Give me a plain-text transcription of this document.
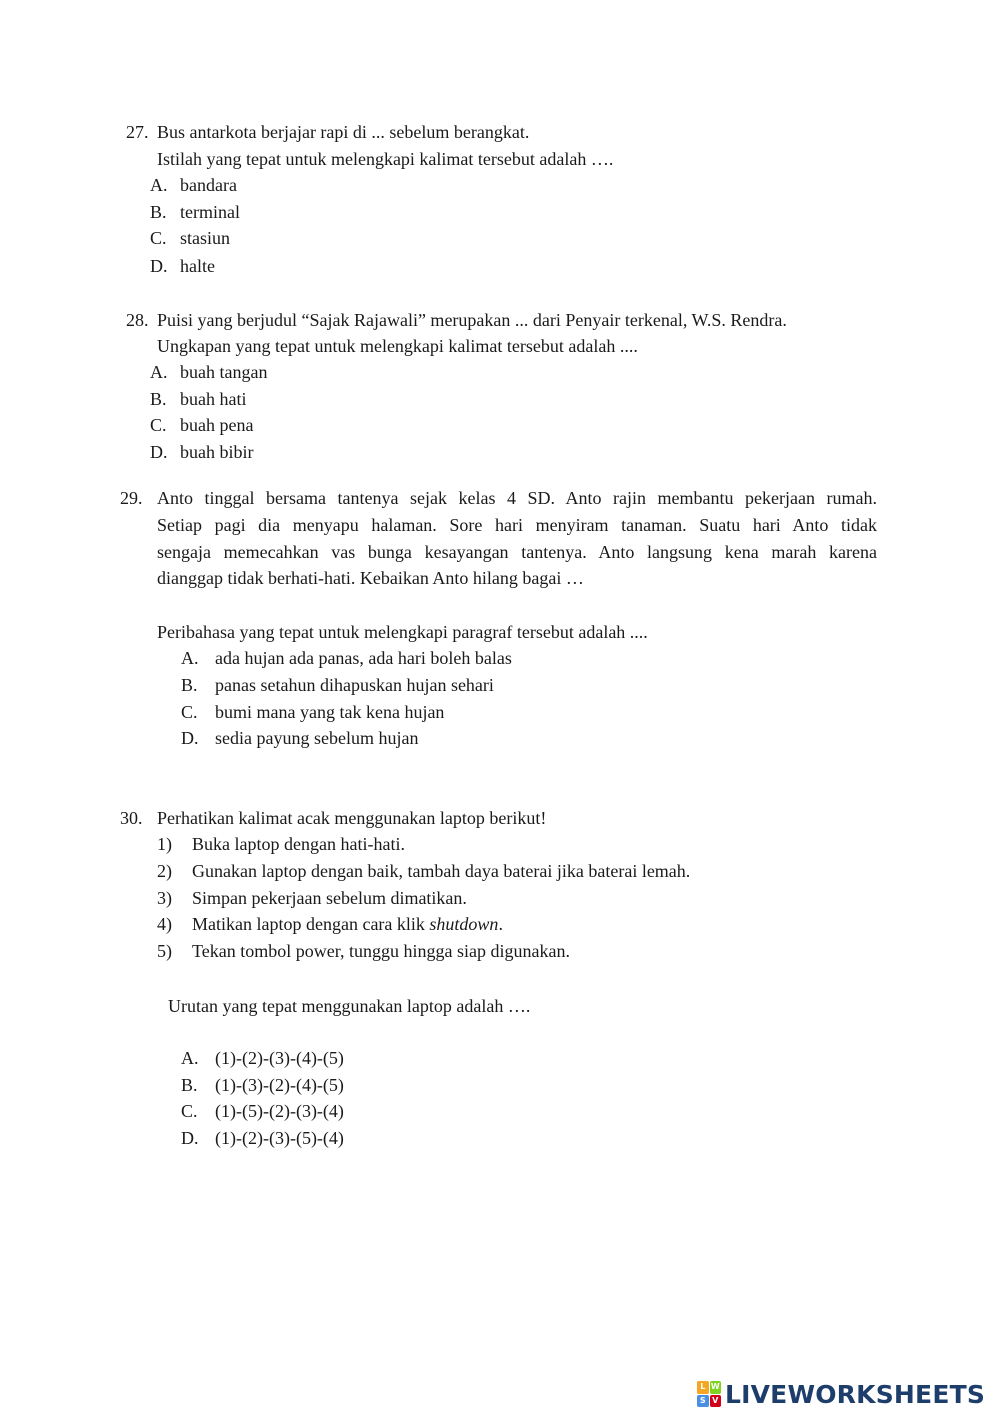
27. Bus antarkota berjajar rapi di ... sebelum berangkat.
Istilah yang tepat untuk melengkapi kalimat tersebut adalah ….
A. bandara
B. terminal
C. stasiun
D. halte
28. Puisi yang berjudul “Sajak Rajawali” merupakan ... dari Penyair terkenal, W.S. Rendra.
Ungkapan yang tepat untuk melengkapi kalimat tersebut adalah ....
A. buah tangan
B. buah hati
C. buah pena
D. buah bibir
29. Anto tinggal bersama tantenya sejak kelas 4 SD. Anto rajin membantu pekerjaan rumah.
Setiap pagi dia menyapu halaman. Sore hari menyiram tanaman. Suatu hari Anto tidak
sengaja memecahkan vas bunga kesayangan tantenya. Anto langsung kena marah karena
dianggap tidak berhati-hati. Kebaikan Anto hilang bagai …
Peribahasa yang tepat untuk melengkapi paragraf tersebut adalah ....
A. ada hujan ada panas, ada hari boleh balas
B. panas setahun dihapuskan hujan sehari
C. bumi mana yang tak kena hujan
D. sedia payung sebelum hujan
30. Perhatikan kalimat acak menggunakan laptop berikut!
1) Buka laptop dengan hati-hati.
2) Gunakan laptop dengan baik, tambah daya baterai jika baterai lemah.
3) Simpan pekerjaan sebelum dimatikan.
4) Matikan laptop dengan cara klik shutdown.
5) Tekan tombol power, tunggu hingga siap digunakan.
Urutan yang tepat menggunakan laptop adalah ….
A. (1)-(2)-(3)-(4)-(5)
B. (1)-(3)-(2)-(4)-(5)
C. (1)-(5)-(2)-(3)-(4)
D. (1)-(2)-(3)-(5)-(4)
L W
S V LIVEWORKSHEETS
